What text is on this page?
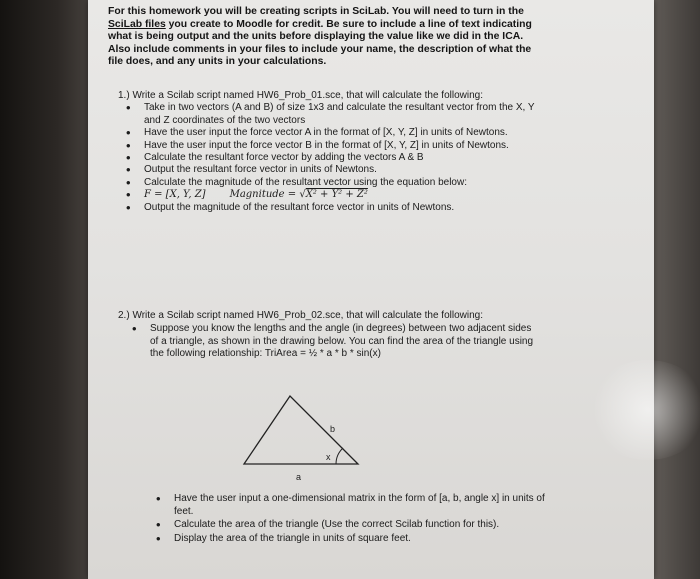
For this homework you will be creating scripts in SciLab. You will need to turn in the SciLab files you create to Moodle for credit. Be sure to include a line of text indicating what is being output and the units before displaying the value like we did in the ICA. Also include comments in your files to include your name, the description of what the file does, and any units in your calculations.
1.) Write a Scilab script named HW6_Prob_01.sce, that will calculate the following:
• Take in two vectors (A and B) of size 1x3 and calculate the resultant vector from the X, Y and Z coordinates of the two vectors
• Have the user input the force vector A in the format of [X, Y, Z] in units of Newtons.
• Have the user input the force vector B in the format of [X, Y, Z] in units of Newtons.
• Calculate the resultant force vector by adding the vectors A & B
• Output the resultant force vector in units of Newtons.
• Calculate the magnitude of the resultant vector using the equation below:
• F = [X, Y, Z] Magnitude = √X² + Y² + Z²
• Output the magnitude of the resultant force vector in units of Newtons.
2.) Write a Scilab script named HW6_Prob_02.sce, that will calculate the following:
• Suppose you know the lengths and the angle (in degrees) between two adjacent sides of a triangle, as shown in the drawing below. You can find the area of the triangle using the following relationship: TriArea = ½ * a * b * sin(x)
a
b
x
• Have the user input a one-dimensional matrix in the form of [a, b, angle x] in units of feet.
• Calculate the area of the triangle (Use the correct Scilab function for this).
• Display the area of the triangle in units of square feet.
